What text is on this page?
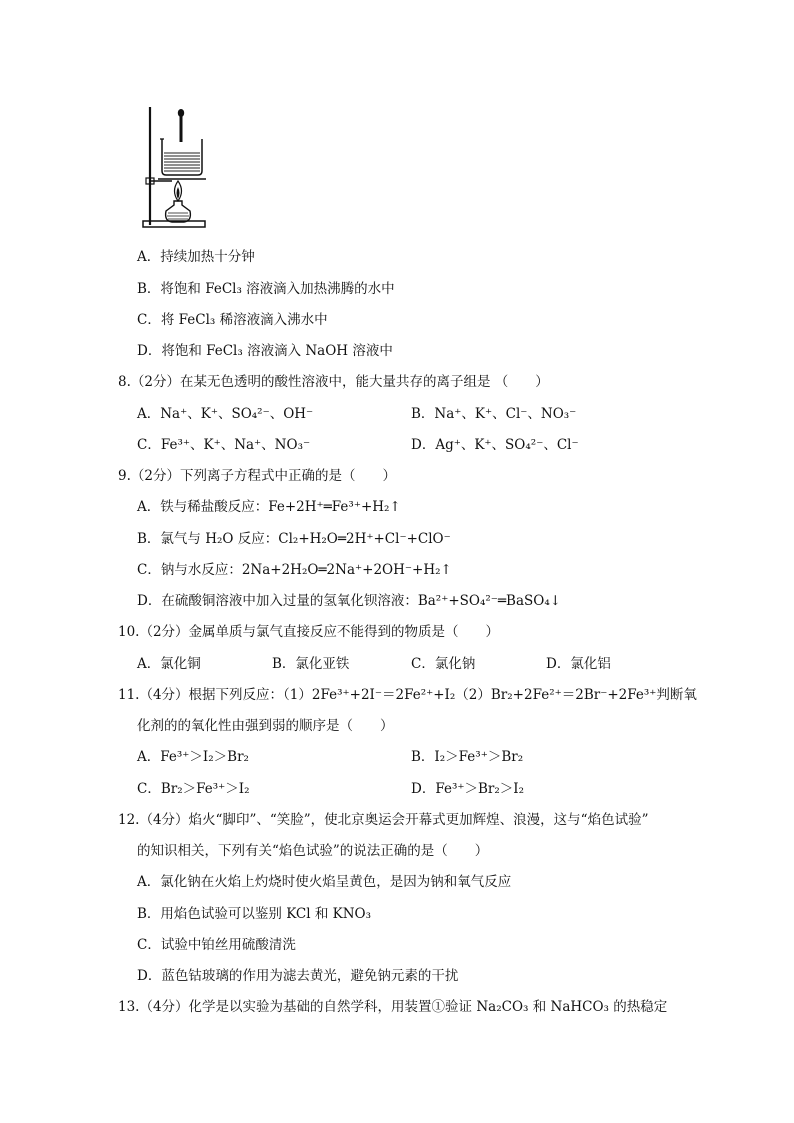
A．持续加热十分钟
B．将饱和 FeCl₃ 溶液滴入加热沸腾的水中
C．将 FeCl₃ 稀溶液滴入沸水中
D．将饱和 FeCl₃ 溶液滴入 NaOH 溶液中
8.（2分）在某无色透明的酸性溶液中，能大量共存的离子组是 （　　）
A．Na⁺、K⁺、SO₄²⁻、OH⁻	B．Na⁺、K⁺、Cl⁻、NO₃⁻
C．Fe³⁺、K⁺、Na⁺、NO₃⁻	D．Ag⁺、K⁺、SO₄²⁻、Cl⁻
9.（2分）下列离子方程式中正确的是（　　）
A．铁与稀盐酸反应：Fe+2H⁺═Fe³⁺+H₂↑
B．氯气与 H₂O 反应：Cl₂+H₂O═2H⁺+Cl⁻+ClO⁻
C．钠与水反应：2Na+2H₂O═2Na⁺+2OH⁻+H₂↑
D．在硫酸铜溶液中加入过量的氢氧化钡溶液：Ba²⁺+SO₄²⁻═BaSO₄↓
10.（2分）金属单质与氯气直接反应不能得到的物质是（　　）
A．氯化铜	B．氯化亚铁	C．氯化钠	D．氯化铝
11.（4分）根据下列反应：（1）2Fe³⁺+2I⁻＝2Fe²⁺+I₂（2）Br₂+2Fe²⁺＝2Br⁻+2Fe³⁺判断氧
化剂的的氧化性由强到弱的顺序是（　　）
A．Fe³⁺＞I₂＞Br₂	B．I₂＞Fe³⁺＞Br₂
C．Br₂＞Fe³⁺＞I₂	D．Fe³⁺＞Br₂＞I₂
12.（4分）焰火“脚印”、“笑脸”，使北京奥运会开幕式更加辉煌、浪漫，这与“焰色试验”
的知识相关，下列有关“焰色试验”的说法正确的是（　　）
A．氯化钠在火焰上灼烧时使火焰呈黄色，是因为钠和氧气反应
B．用焰色试验可以鉴别 KCl 和 KNO₃
C．试验中铂丝用硫酸清洗
D．蓝色钴玻璃的作用为滤去黄光，避免钠元素的干扰
13.（4分）化学是以实验为基础的自然学科，用装置①验证 Na₂CO₃ 和 NaHCO₃ 的热稳定
